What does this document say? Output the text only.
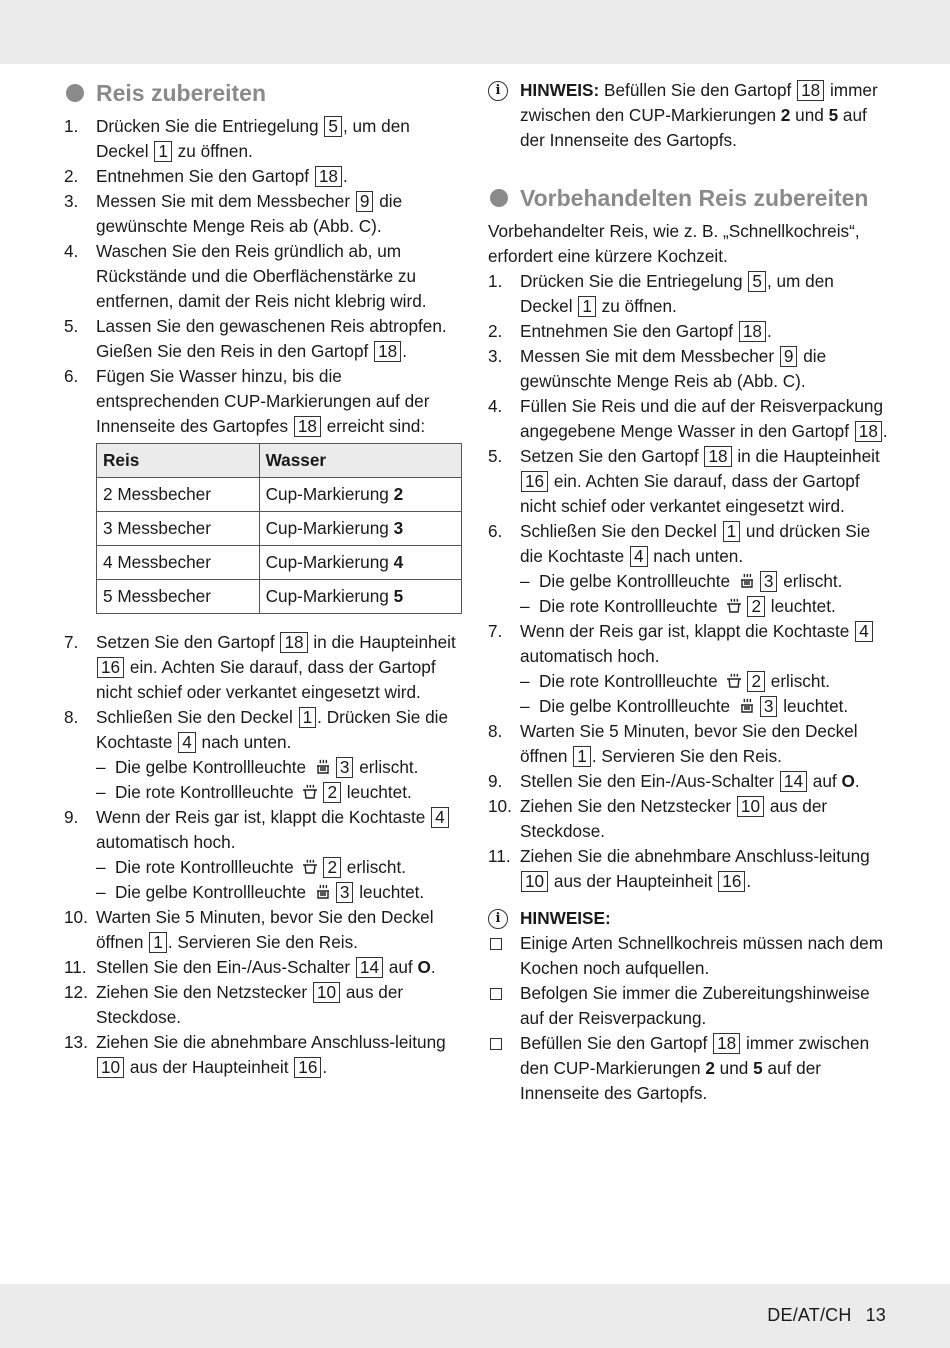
Reis zubereiten
1. Drücken Sie die Entriegelung 5 , um den Deckel 1 zu öffnen.
2. Entnehmen Sie den Gartopf 18 .
3. Messen Sie mit dem Messbecher 9 die gewünschte Menge Reis ab (Abb. C).
4. Waschen Sie den Reis gründlich ab, um Rückstände und die Oberflächenstärke zu entfernen, damit der Reis nicht klebrig wird.
5. Lassen Sie den gewaschenen Reis abtropfen. Gießen Sie den Reis in den Gartopf 18 .
6. Fügen Sie Wasser hinzu, bis die entsprechenden CUP-Markierungen auf der Innenseite des Gartopfes 18 erreicht sind:
Reis	Wasser
2 Messbecher	Cup-Markierung 2
3 Messbecher	Cup-Markierung 3
4 Messbecher	Cup-Markierung 4
5 Messbecher	Cup-Markierung 5
7. Setzen Sie den Gartopf 18 in die Haupteinheit 16 ein. Achten Sie darauf, dass der Gartopf nicht schief oder verkantet eingesetzt wird.
8. Schließen Sie den Deckel 1 . Drücken Sie die Kochtaste 4 nach unten.
– Die gelbe Kontrollleuchte 3 erlischt.
– Die rote Kontrollleuchte 2 leuchtet.
9. Wenn der Reis gar ist, klappt die Kochtaste 4 automatisch hoch.
– Die rote Kontrollleuchte 2 erlischt.
– Die gelbe Kontrollleuchte 3 leuchtet.
10. Warten Sie 5 Minuten, bevor Sie den Deckel öffnen 1 . Servieren Sie den Reis.
11. Stellen Sie den Ein-/Aus-Schalter 14 auf O.
12. Ziehen Sie den Netzstecker 10 aus der Steckdose.
13. Ziehen Sie die abnehmbare Anschluss-leitung 10 aus der Haupteinheit 16 .
i	HINWEIS: Befüllen Sie den Gartopf 18 immer zwischen den CUP-Markierungen 2 und 5 auf der Innenseite des Gartopfs.
Vorbehandelten Reis zubereiten

Vorbehandelter Reis, wie z. B. „Schnellkochreis“, erfordert eine kürzere Kochzeit.

1. Drücken Sie die Entriegelung 5 , um den Deckel 1 zu öffnen.
2. Entnehmen Sie den Gartopf 18 .
3. Messen Sie mit dem Messbecher 9 die gewünschte Menge Reis ab (Abb. C).
4. Füllen Sie Reis und die auf der Reisverpackung angegebene Menge Wasser in den Gartopf 18 .
5. Setzen Sie den Gartopf 18 in die Haupteinheit 16 ein. Achten Sie darauf, dass der Gartopf nicht schief oder verkantet eingesetzt wird.
6. Schließen Sie den Deckel 1 und drücken Sie die Kochtaste 4 nach unten.
– Die gelbe Kontrollleuchte 3 erlischt.
– Die rote Kontrollleuchte 2 leuchtet.
7. Wenn der Reis gar ist, klappt die Kochtaste 4 automatisch hoch.
– Die rote Kontrollleuchte 2 erlischt.
– Die gelbe Kontrollleuchte 3 leuchtet.
8. Warten Sie 5 Minuten, bevor Sie den Deckel öffnen 1 . Servieren Sie den Reis.
9. Stellen Sie den Ein-/Aus-Schalter 14 auf O.
10. Ziehen Sie den Netzstecker 10 aus der Steckdose.
11. Ziehen Sie die abnehmbare Anschluss-leitung 10 aus der Haupteinheit 16 .
i	HINWEISE:
Einige Arten Schnellkochreis müssen nach dem Kochen noch aufquellen.
Befolgen Sie immer die Zubereitungshinweise auf der Reisverpackung.
Befüllen Sie den Gartopf 18 immer zwischen den CUP-Markierungen 2 und 5 auf der Innenseite des Gartopfs.
DE/AT/CH 13
